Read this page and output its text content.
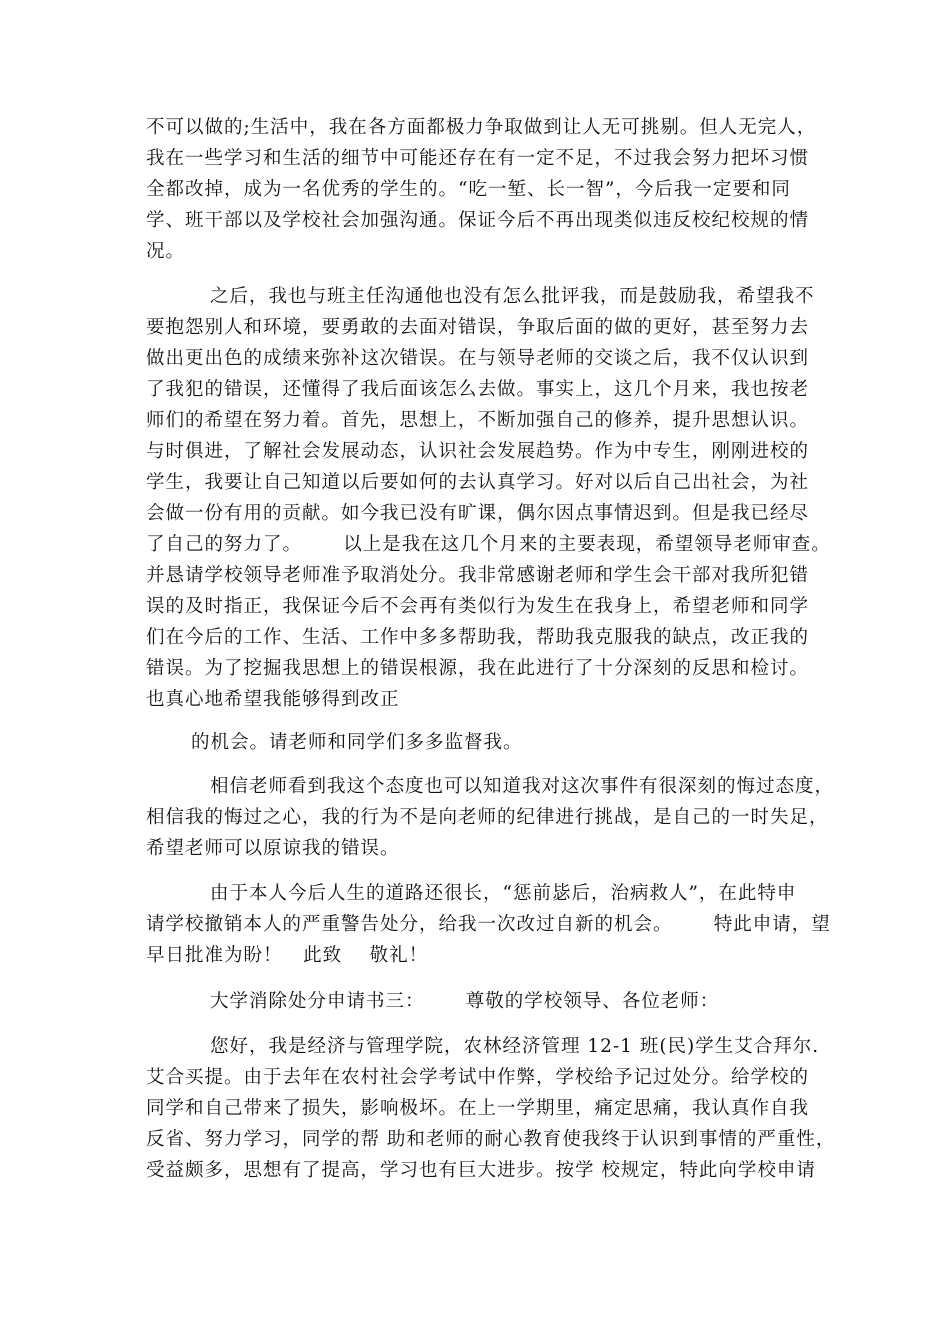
不可以做的;生活中，我在各方面都极力争取做到让人无可挑剔。但人无完人，
我在一些学习和生活的细节中可能还存在有一定不足，不过我会努力把坏习惯
全都改掉，成为一名优秀的学生的。“吃一堑、长一智”，今后我一定要和同
学、班干部以及学校社会加强沟通。保证今后不再出现类似违反校纪校规的情
况。
之后，我也与班主任沟通他也没有怎么批评我，而是鼓励我，希望我不
要抱怨别人和环境，要勇敢的去面对错误，争取后面的做的更好，甚至努力去
做出更出色的成绩来弥补这次错误。在与领导老师的交谈之后，我不仅认识到
了我犯的错误，还懂得了我后面该怎么去做。事实上，这几个月来，我也按老
师们的希望在努力着。首先，思想上，不断加强自己的修养，提升思想认识。
与时俱进，了解社会发展动态，认识社会发展趋势。作为中专生，刚刚进校的
学生，我要让自己知道以后要如何的去认真学习。好对以后自己出社会，为社
会做一份有用的贡献。如今我已没有旷课，偶尔因点事情迟到。但是我已经尽
了自己的努力了。      以上是我在这几个月来的主要表现，希望领导老师审查。
并恳请学校领导老师准予取消处分。我非常感谢老师和学生会干部对我所犯错
误的及时指正，我保证今后不会再有类似行为发生在我身上，希望老师和同学
们在今后的工作、生活、工作中多多帮助我，帮助我克服我的缺点，改正我的
错误。为了挖掘我思想上的错误根源，我在此进行了十分深刻的反思和检讨。
也真心地希望我能够得到改正
的机会。请老师和同学们多多监督我。
相信老师看到我这个态度也可以知道我对这次事件有很深刻的悔过态度，
相信我的悔过之心，我的行为不是向老师的纪律进行挑战，是自己的一时失足，
希望老师可以原谅我的错误。
由于本人今后人生的道路还很长，“惩前毖后，治病救人”，在此特申
请学校撤销本人的严重警告处分，给我一次改过自新的机会。      特此申请，望
早日批准为盼！   此致    敬礼！
大学消除处分申请书三：      尊敬的学校领导、各位老师：
您好，我是经济与管理学院，农林经济管理 12-1 班(民)学生艾合拜尔.
艾合买提。由于去年在农村社会学考试中作弊，学校给予记过处分。给学校的
同学和自己带来了损失，影响极坏。在上一学期里，痛定思痛，我认真作自我
反省、努力学习，同学的帮 助和老师的耐心教育使我终于认识到事情的严重性，
受益颇多，思想有了提高，学习也有巨大进步。按学 校规定，特此向学校申请
